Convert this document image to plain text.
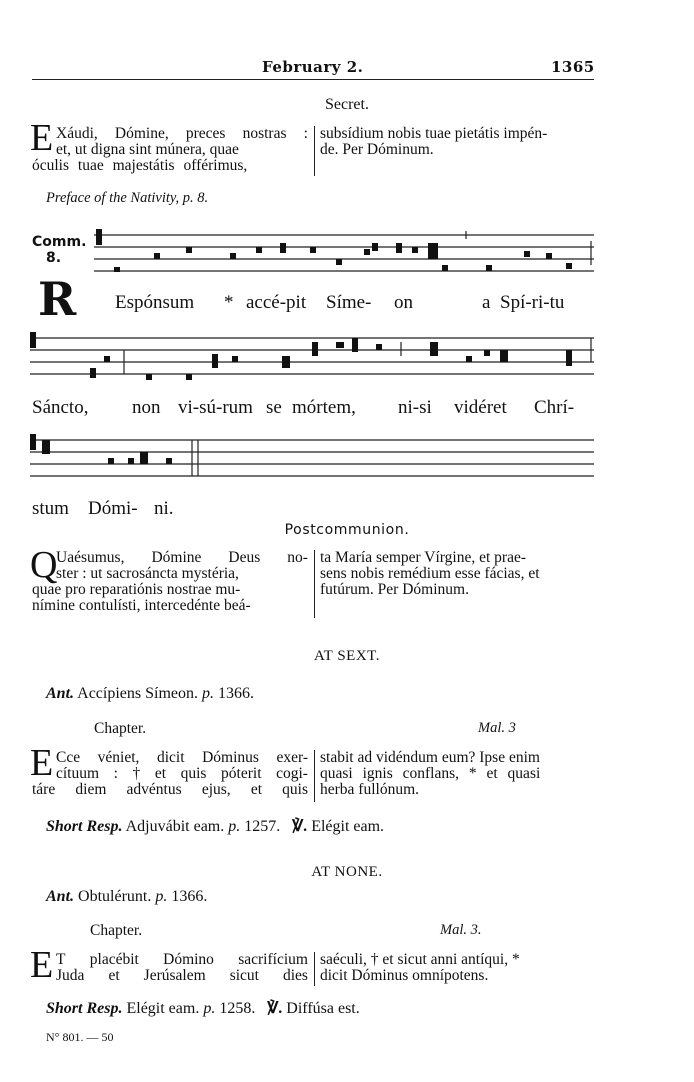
February 2.	1365
Secret.
E Xáudi, Dómine, preces nostras :
et, ut digna sint múnera, quae
óculis tuae majestátis offérimus,
subsídium nobis tuae pietátis impén-
de. Per Dóminum.
Preface of the Nativity, p. 8.
Comm.
8.
R Espónsum * accé-pit Síme- on	a Spí-ri-tu
Sáncto, non vi-sú-rum se mórtem, ni-si vidéret Chrí-
stum Dómi- ni.
Postcommunion.
Q
Uaésumus, Dómine Deus no-
ster : ut sacrosáncta mystéria,
quae pro reparatiónis nostrae mu-
nímine contulísti, intercedénte beá-
ta María semper Vírgine, et prae-
sens nobis remédium esse fácias, et
futúrum. Per Dóminum.
AT SEXT.
Ant. Accípiens Símeon. p. 1366.
Chapter.	Mal. 3
E Cce véniet, dicit Dóminus exer-
cítuum : † et quis póterit cogi-
táre diem advéntus ejus, et quis
stabit ad vidéndum eum? Ipse enim
quasi ignis conflans, * et quasi
herba fullónum.
Short Resp. Adjuvábit eam. p. 1257. ℣. Elégit eam.
AT NONE.
Ant. Obtulérunt. p. 1366.
Chapter.	Mal. 3.
E T placébit Dómino sacrifícium
Juda et Jerúsalem sicut dies
saéculi, † et sicut anni antíqui, *
dicit Dóminus omnípotens.
Short Resp. Elégit eam. p. 1258. ℣. Diffúsa est.
N° 801. — 50
